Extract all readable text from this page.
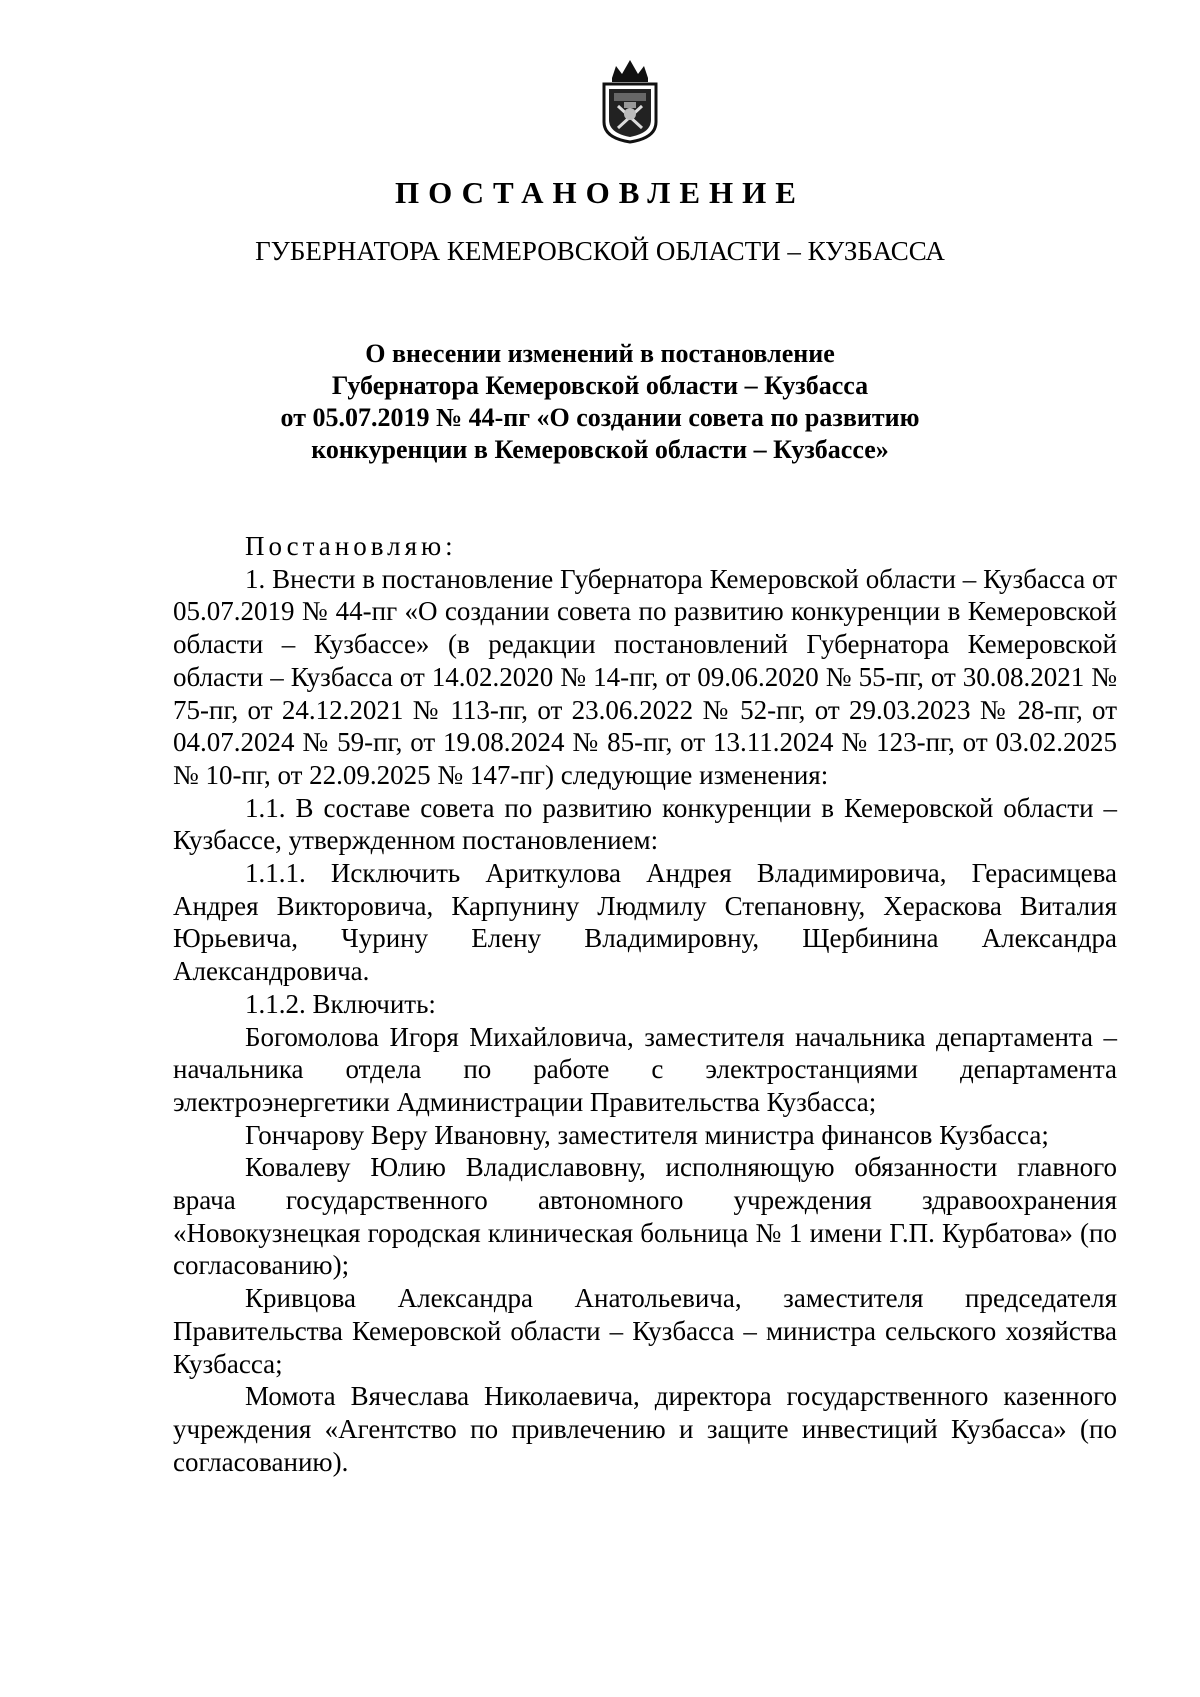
ПОСТАНОВЛЕНИЕ
ГУБЕРНАТОРА КЕМЕРОВСКОЙ ОБЛАСТИ – КУЗБАССА
О внесении изменений в постановление
Губернатора Кемеровской области – Кузбасса
от 05.07.2019 № 44-пг «О создании совета по развитию
конкуренции в Кемеровской области – Кузбассе»

Постановляю:

1. Внести в постановление Губернатора Кемеровской области – Кузбасса от 05.07.2019 № 44-пг «О создании совета по развитию конкуренции в Кемеровской области – Кузбассе» (в редакции постановлений Губернатора Кемеровской области – Кузбасса от 14.02.2020 № 14-пг, от 09.06.2020 № 55-пг, от 30.08.2021 № 75-пг, от 24.12.2021 № 113-пг, от 23.06.2022 № 52-пг, от 29.03.2023 № 28-пг, от 04.07.2024 № 59-пг, от 19.08.2024 № 85-пг, от 13.11.2024 № 123-пг, от 03.02.2025 № 10-пг, от 22.09.2025 № 147-пг) следующие изменения:

1.1. В составе совета по развитию конкуренции в Кемеровской области – Кузбассе, утвержденном постановлением:

1.1.1. Исключить Ариткулова Андрея Владимировича, Герасимцева Андрея Викторовича, Карпунину Людмилу Степановну, Хераскова Виталия Юрьевича, Чурину Елену Владимировну, Щербинина Александра Александровича.

1.1.2. Включить:

Богомолова Игоря Михайловича, заместителя начальника департамента – начальника отдела по работе с электростанциями департамента электроэнергетики Администрации Правительства Кузбасса;

Гончарову Веру Ивановну, заместителя министра финансов Кузбасса;

Ковалеву Юлию Владиславовну, исполняющую обязанности главного врача государственного автономного учреждения здравоохранения «Новокузнецкая городская клиническая больница № 1 имени Г.П. Курбатова» (по согласованию);

Кривцова Александра Анатольевича, заместителя председателя Правительства Кемеровской области – Кузбасса – министра сельского хозяйства Кузбасса;

Момота Вячеслава Николаевича, директора государственного казенного учреждения «Агентство по привлечению и защите инвестиций Кузбасса» (по согласованию).
